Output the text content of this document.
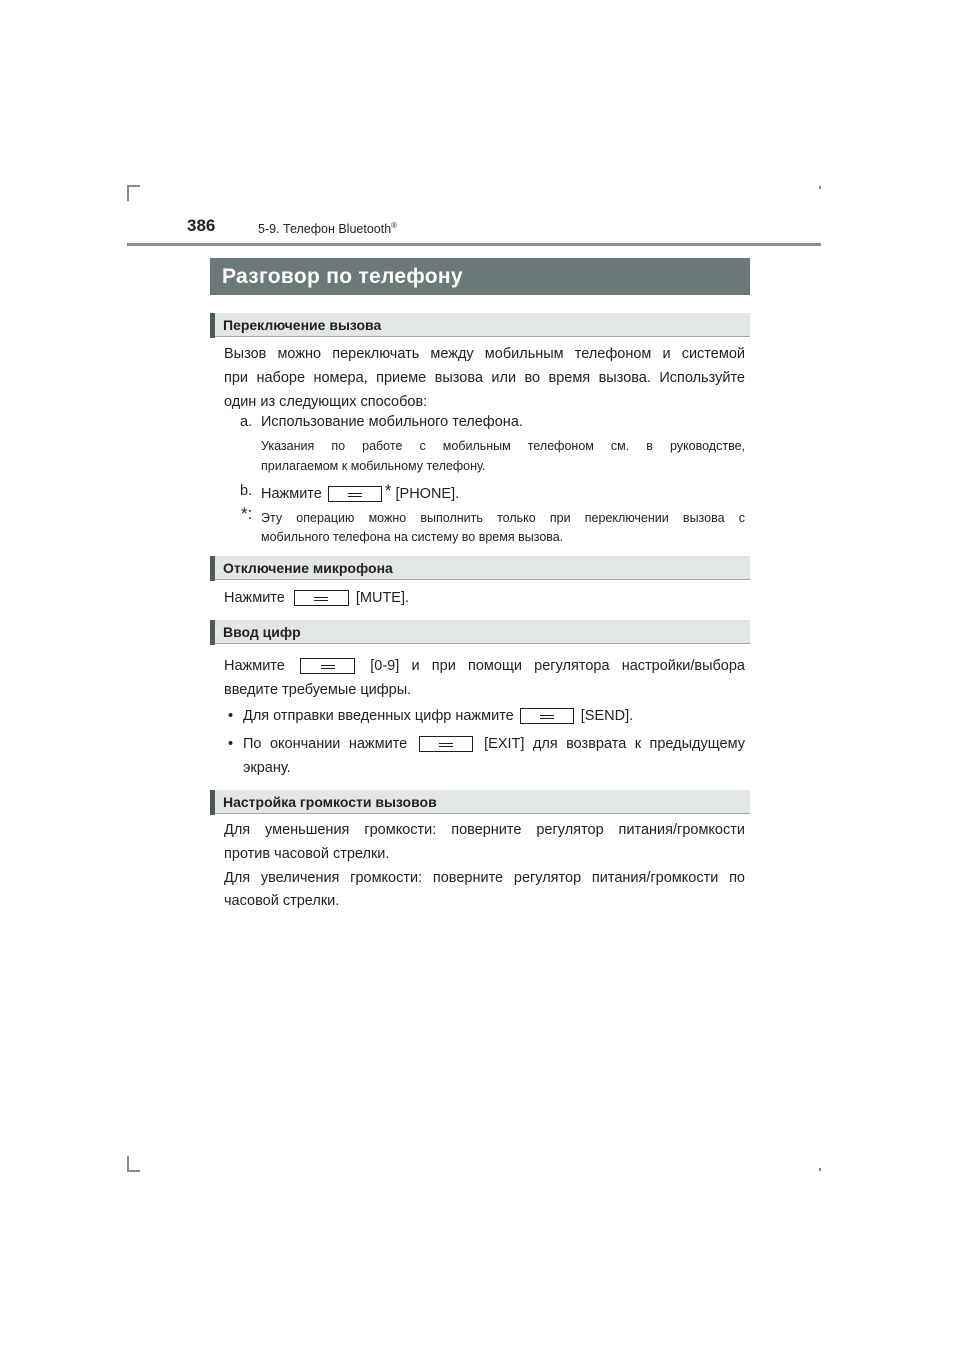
386	5-9. Телефон Bluetooth®
Разговор по телефону
Переключение вызова
Вызов можно переключать между мобильным телефоном и системой
при наборе номера, приеме вызова или во время вызова. Используйте
один из следующих способов:
a. Использование мобильного телефона.
Указания по работе с мобильным телефоном см. в руководстве,
прилагаемом к мобильному телефону.
b. Нажмите	* [PHONE].
*: Эту операцию можно выполнить только при переключении вызова с
мобильного телефона на систему во время вызова.
Отключение микрофона
Нажмите	[MUTE].
Ввод цифр
Нажмите	[0-9] и при помощи регулятора настройки/выбора
введите требуемые цифры.
• Для отправки введенных цифр нажмите	[SEND].
• По окончании нажмите	[EXIT] для возврата к предыдущему
экрану.
Настройка громкости вызовов
Для уменьшения громкости: поверните регулятор питания/громкости
против часовой стрелки.
Для увеличения громкости: поверните регулятор питания/громкости по
часовой стрелки.
